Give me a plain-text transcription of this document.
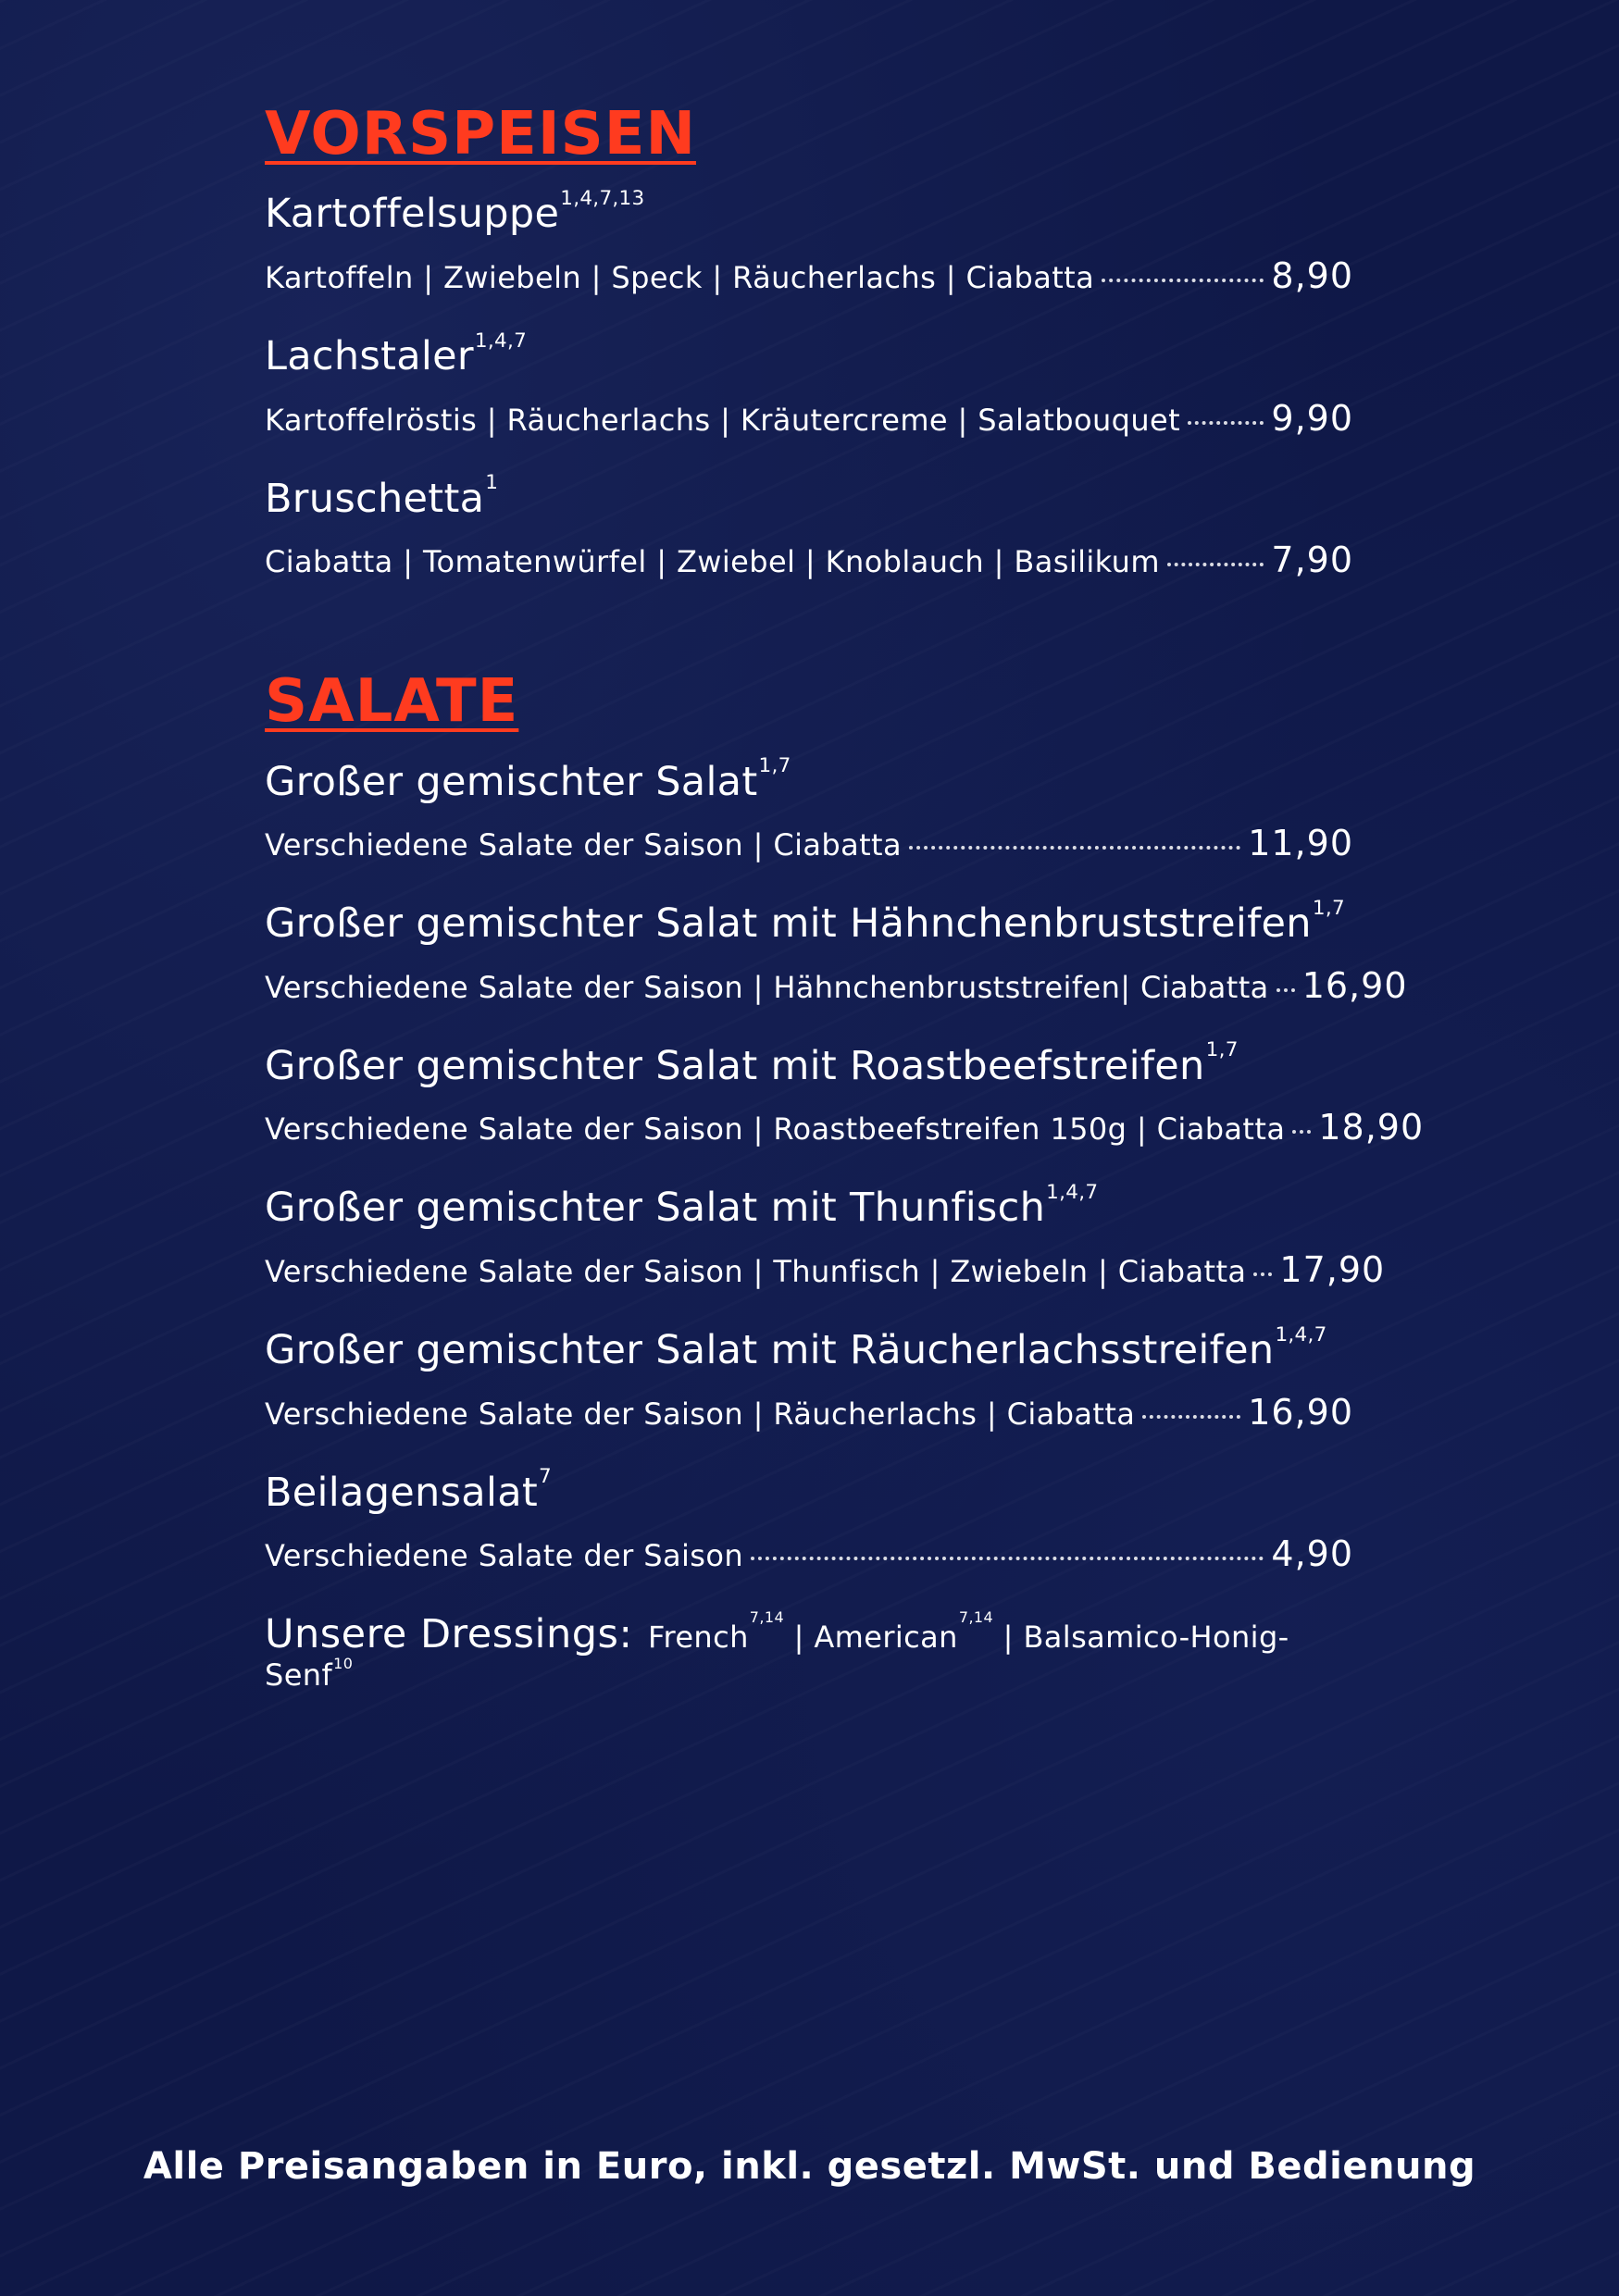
VORSPEISEN
Kartoffelsuppe$^{1,4,7,13}$
Kartoffeln | Zwiebeln | Speck | Räucherlachs | Ciabatta	8,90
Lachstaler$^{1,4,7}$
Kartoffelröstis | Räucherlachs | Kräutercreme | Salatbouquet	9,90
Bruschetta$^1$
Ciabatta | Tomatenwürfel | Zwiebel | Knoblauch | Basilikum	7,90
SALATE
Großer gemischter Salat$^{1,7}$
Verschiedene Salate der Saison | Ciabatta	11,90
Großer gemischter Salat mit Hähnchenbruststreifen$^{1,7}$
Verschiedene Salate der Saison | Hähnchenbruststreifen| Ciabatta 16,90
Großer gemischter Salat mit Roastbeefstreifen$^{1,7}$
Verschiedene Salate der Saison | Roastbeefstreifen 150g | Ciabatta 18,90
Großer gemischter Salat mit Thunfisch$^{1,4,7}$
Verschiedene Salate der Saison | Thunfisch | Zwiebeln | Ciabatta 17,90
Großer gemischter Salat mit Räucherlachsstreifen$^{1,4,7}$
Verschiedene Salate der Saison | Räucherlachs | Ciabatta	16,90
Beilagensalat$^7$
Verschiedene Salate der Saison	4,90
Unsere Dressings: French$^{7,14}$ | American$^{7,14}$ | Balsamico-Honig-Senf$^{10}$
Alle Preisangaben in Euro, inkl. gesetzl. MwSt. und Bedienung
